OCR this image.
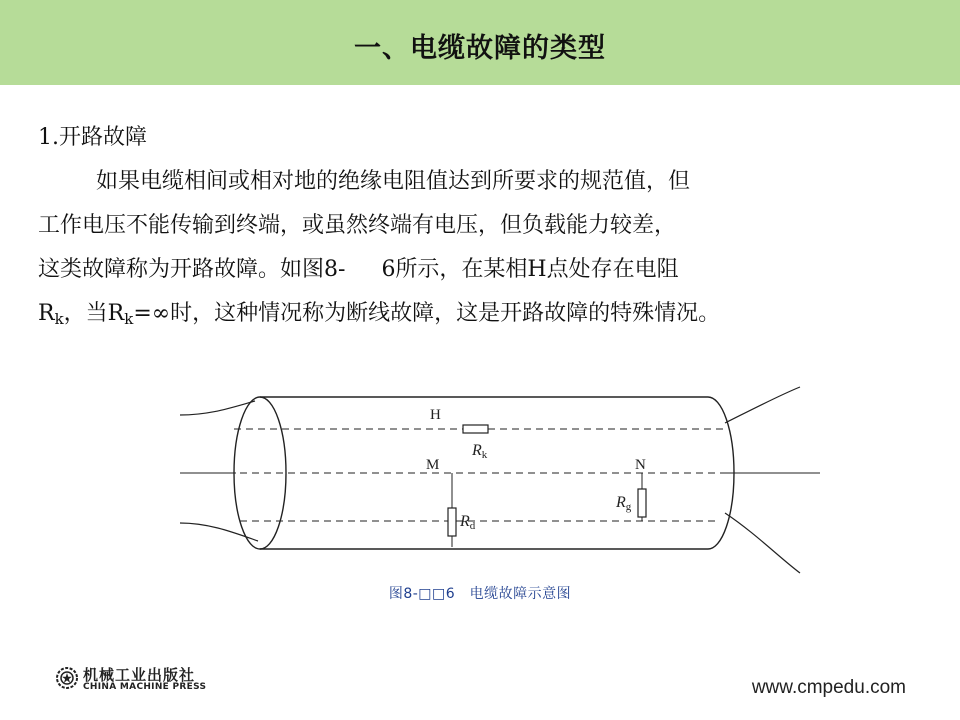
一、电缆故障的类型

1.开路故障

如果电缆相间或相对地的绝缘电阻值达到所要求的规范值，但

工作电压不能传输到终端，或虽然终端有电压，但负载能力较差，

这类故障称为开路故障。如图8- 6所示，在某相H点处存在电阻

$R_k$，当$R_k=\infty$时，这种情况称为断线故障，这是开路故障的特殊情况。

H
Rk
M	N
Rd
Rg
图8-□□6　电缆故障示意图
机械工业出版社
CHINA MACHINE PRESS	www.cmpedu.com
